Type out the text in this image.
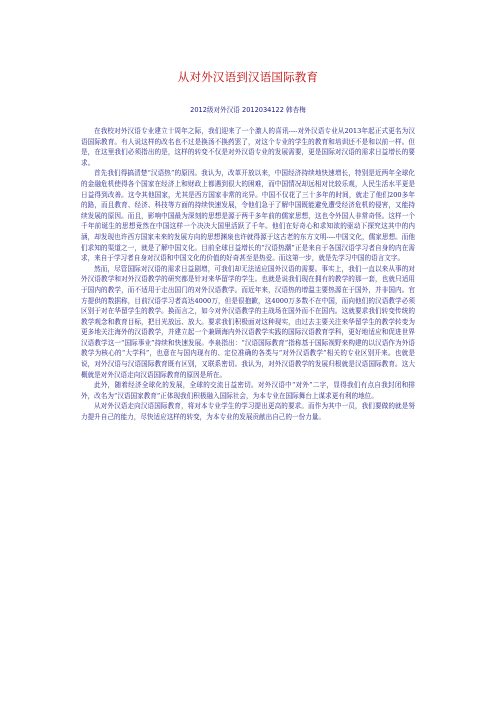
从对外汉语到汉语国际教育
2012级对外汉语 2012034122 韩杏梅

在我校对外汉语专业建立十周年之际，我们迎来了一个激人的喜讯----对外汉语专业从2013年起正式更名为汉语国际教育。有人说这样的改名也不过是换汤不换药罢了，对这个专业的学生的教育和培训还不是和以前一样。但是，在这里我们必须指出的是，这样的转变不仅是对外汉语专业的发展需要，更是国际对汉语的需求日益增长的要求。

首先我们得搞清楚“汉语热”的原因。我认为，改革开放以来，中国经济持续地快速增长，特别是近两年全球化的金融危机使得各个国家在经济上和财政上都遇到很大的困难，而中国情况却远相对比较乐观，人民生活水平更是日益得到改善。这令其他国家，尤其是西方国家非常的诧异。中国不仅花了三十多年的时间，就走了他们200多年的路，而且教育、经济、科技等方面的持续快速发展，令他们急于了解中国既能避免遭受经济危机的侵害，又能持续发展的原因。而且，影响中国最为深刻的思想是源于两千多年前的儒家思想，这也令外国人非常奇怪。这样一个千年前诞生的思想竟然在中国这样一个决决大国里活跃了千年。他们在好奇心和求知欲的驱动下探究这其中的内涵，却发现也许西方国家未来的发展方向的思想渊泉也许就得源于这古老的东方文明----中国文化，儒家思想。而他们求知的渠道之一，就是了解中国文化。目前全球日益增长的“汉语热潮”正是来自于各国汉语学习者自身的内在需求，来自于学习者自身对汉语和中国文化的价值的好奇甚至是热爱。而这第一步，就是先学习中国的语言文字。

然而，尽管国际对汉语的需求日益剧增，可我们却无法适应国外汉语的需要。事实上，我们一直以来从事的对外汉语教学和对外汉语教学的研究都是针对来华留学的学生。也就是说我们现在拥有的教学的那一套，也就只适用于国内的教学，而不适用于走出国门的对外汉语教学。而近年来，汉语热的增温主要热源在于国外，并非国内。官方提供的数据称，目前汉语学习者高达4000万，但是很抱歉，这4000万多数不在中国，而向他们的汉语教学必须区别于对在华留学生的教学。换而言之，如今对外汉语教学的主战场在国外而不在国内。这就要求我们转变传统的教学观念和教育目标，把目光放远、放大。要求我们积极面对这种现实，由过去主要关注来华留学生的教学转变为更多地关注海外的汉语教学，并建立起一个兼顾海内外汉语教学实践的国际汉语教育学科，更好地适应和促进世界汉语教学这一“国际事业”持续和快速发展。李泉指出：“汉语国际教育”指称基于国际视野来构建的以汉语作为外语教学为核心的“大学科”，也意在与国内现有的、定位准确的各类与“对外汉语教学”相关的专业区别开来。也就是说，对外汉语与汉语国际教育既有区别，又联系密切。我认为，对外汉语教学的发展归根就是汉语国际教育。这大概就是对外汉语走向汉语国际教育的原因是所在。

此外，随着经济全球化的发展，全球的交流日益密切。对外汉语中“对外”二字，显得我们有点自我封闭和排外，改名为“汉语国家教育”正体现我们积极融入国际社会，为本专业在国际舞台上谋求更有利的地位。

从对外汉语走向汉语国际教育，将对本专业学生的学习提出更高的要求。而作为其中一员，我们要做的就是努力提升自己的能力，尽快适应这样的转变，为本专业的发展贡献出自己的一份力量。
